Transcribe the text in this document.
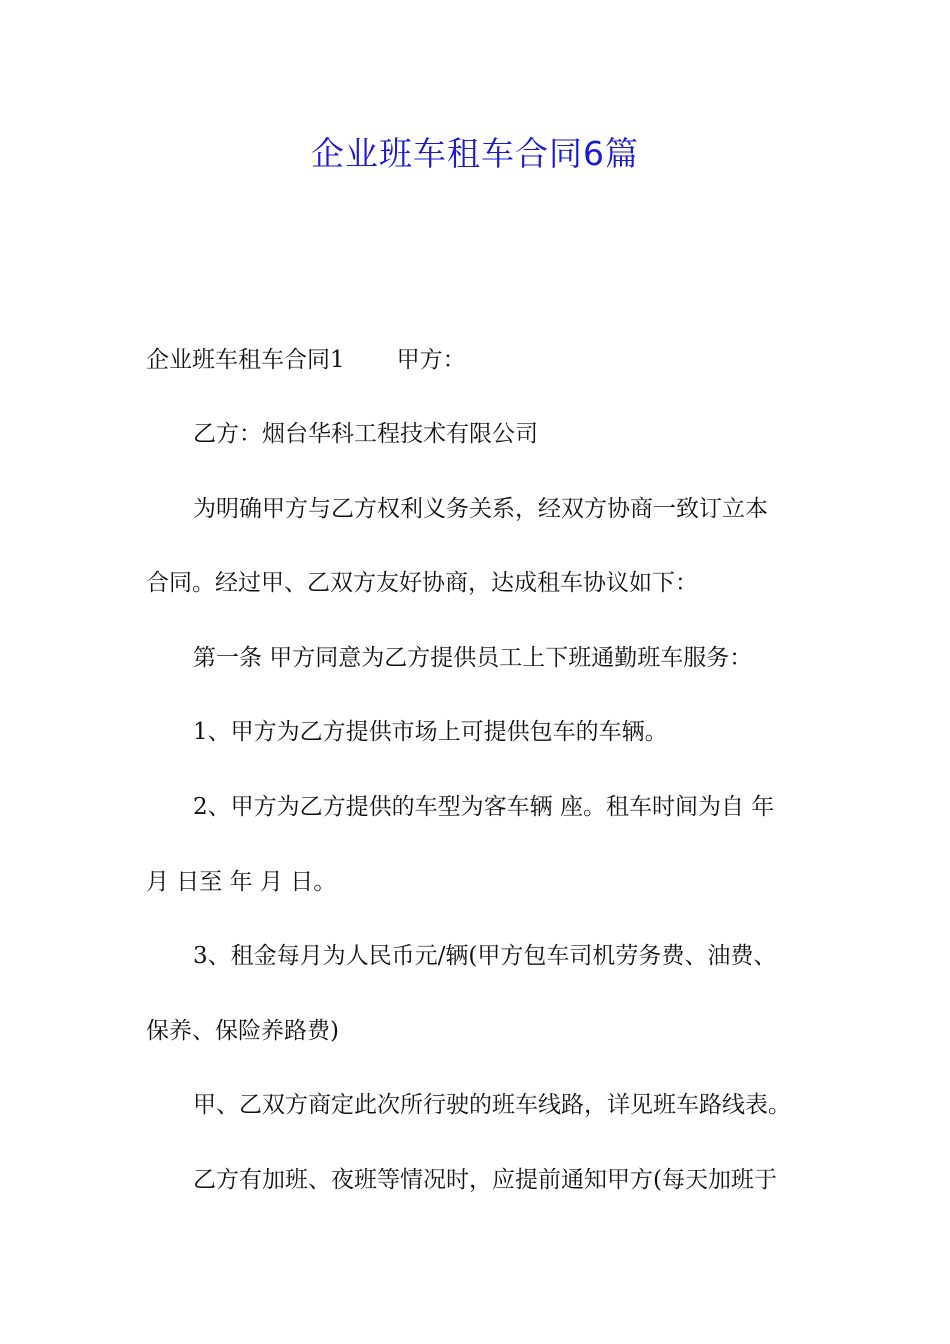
企业班车租车合同6篇

企业班车租车合同1 甲方：

乙方：烟台华科工程技术有限公司

为明确甲方与乙方权利义务关系，经双方协商一致订立本

合同。经过甲、乙双方友好协商，达成租车协议如下：

第一条 甲方同意为乙方提供员工上下班通勤班车服务：

1、甲方为乙方提供市场上可提供包车的车辆。

2、甲方为乙方提供的车型为客车辆 座。租车时间为自 年

月 日至 年 月 日。

3、租金每月为人民币元/辆(甲方包车司机劳务费、油费、

保养、保险养路费)

甲、乙双方商定此次所行驶的班车线路，详见班车路线表。

乙方有加班、夜班等情况时，应提前通知甲方(每天加班于
